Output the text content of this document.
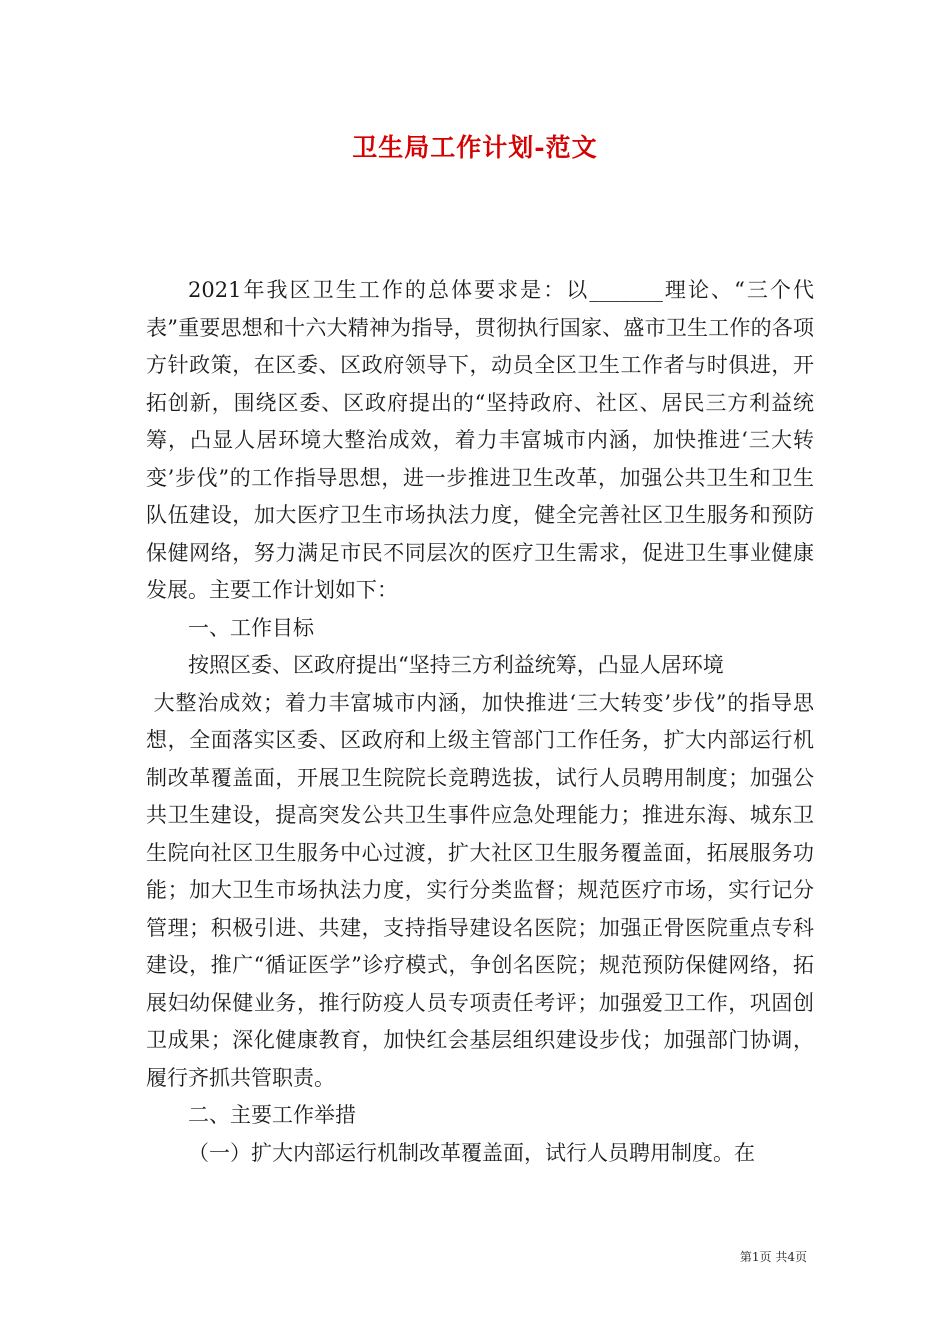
卫生局工作计划-范文

2021年我区卫生工作的总体要求是：以_______理论、“三个代表”重要思想和十六大精神为指导，贯彻执行国家、盛市卫生工作的各项方针政策，在区委、区政府领导下，动员全区卫生工作者与时俱进，开拓创新，围绕区委、区政府提出的“坚持政府、社区、居民三方利益统筹，凸显人居环境大整治成效，着力丰富城市内涵，加快推进‘三大转变’步伐”的工作指导思想，进一步推进卫生改革，加强公共卫生和卫生队伍建设，加大医疗卫生市场执法力度，健全完善社区卫生服务和预防保健网络，努力满足市民不同层次的医疗卫生需求，促进卫生事业健康发展。主要工作计划如下：

一、工作目标

按照区委、区政府提出“坚持三方利益统筹，凸显人居环境

大整治成效；着力丰富城市内涵，加快推进‘三大转变’步伐”的指导思想，全面落实区委、区政府和上级主管部门工作任务，扩大内部运行机制改革覆盖面，开展卫生院院长竞聘选拔，试行人员聘用制度；加强公共卫生建设，提高突发公共卫生事件应急处理能力；推进东海、城东卫生院向社区卫生服务中心过渡，扩大社区卫生服务覆盖面，拓展服务功能；加大卫生市场执法力度，实行分类监督；规范医疗市场，实行记分管理；积极引进、共建，支持指导建设名医院；加强正骨医院重点专科建设，推广“循证医学”诊疗模式，争创名医院；规范预防保健网络，拓展妇幼保健业务，推行防疫人员专项责任考评；加强爱卫工作，巩固创卫成果；深化健康教育，加快红会基层组织建设步伐；加强部门协调，履行齐抓共管职责。

二、主要工作举措

（一）扩大内部运行机制改革覆盖面，试行人员聘用制度。在

第1页 共4页
